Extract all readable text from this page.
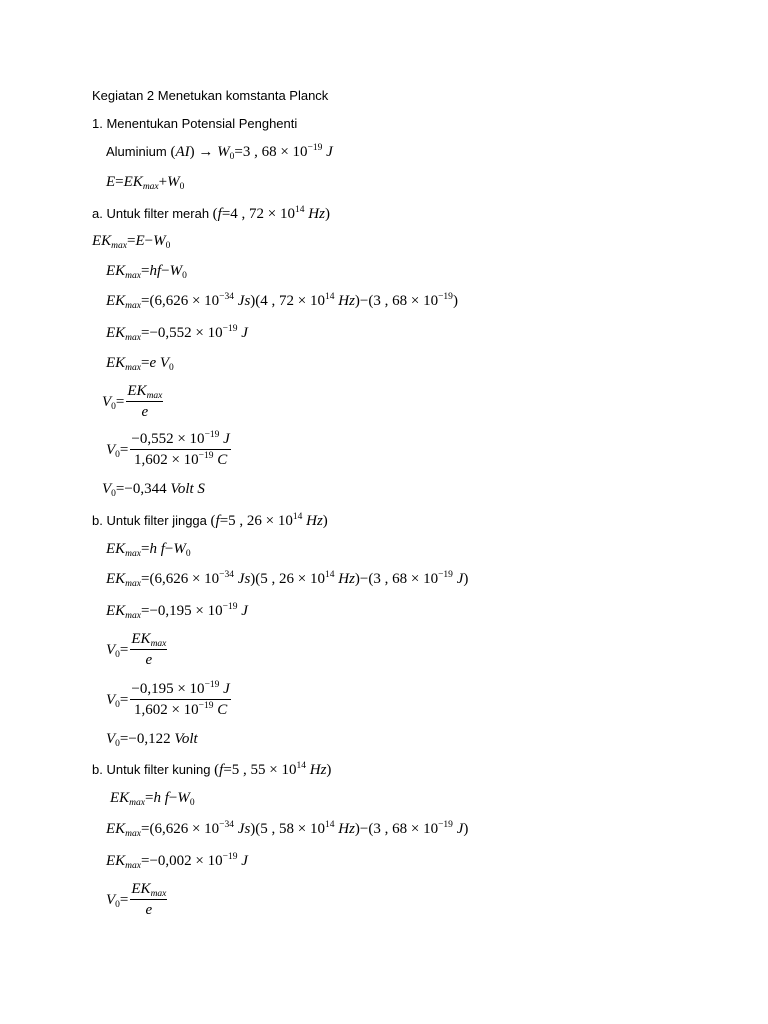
Kegiatan 2 Menetukan komstanta Planck
1. Menentukan Potensial Penghenti
Aluminium $(AI) \to W_0=3$ , $68 \times 10^{-19}$ J
$E=EK_{max}+W_0$
a. Untuk filter merah (f=4 , $72 \times 10^{14}$ Hz)
$EK_{max}=E-W_0$
$EK_{max}=hf-W_0$
$EK_{max}=(6,626 \times 10^{-34}$ Js)(4 , $72 \times 10^{14}$ Hz)−(3 , $68 \times 10^{-19}$)
$EK_{max}=-0,552 \times 10^{-19}$ J
$EK_{max}=e$ $V_0$
$V_0= \frac{EK_{max}}{e}$
$V_0= \frac{-0,552 \times 10^{-19} J}{1,602 \times 10^{-19} C}$
$V_0=-0,344$ Volt S
b. Untuk filter jingga (f=5 , $26 \times 10^{14}$ Hz)
$EK_{max}=h$ $f-W_0$
$EK_{max}=(6,626 \times 10^{-34}$ Js)(5 , $26 \times 10^{14}$ Hz)−(3 , $68 \times 10^{-19}$ J)
$EK_{max}=-0,195 \times 10^{-19}$ J
$V_0= \frac{EK_{max}}{e}$
$V_0= \frac{-0,195 \times 10^{-19} J}{1,602 \times 10^{-19} C}$
$V_0=-0,122$ Volt
b. Untuk filter kuning (f=5 , $55 \times 10^{14}$ Hz)
$EK_{max}=h$ $f-W_0$
$EK_{max}=(6,626 \times 10^{-34}$ Js)(5 , $58 \times 10^{14}$ Hz)−(3 , $68 \times 10^{-19}$ J)
$EK_{max}=-0,002 \times 10^{-19}$ J
$V_0= \frac{EK_{max}}{e}$
